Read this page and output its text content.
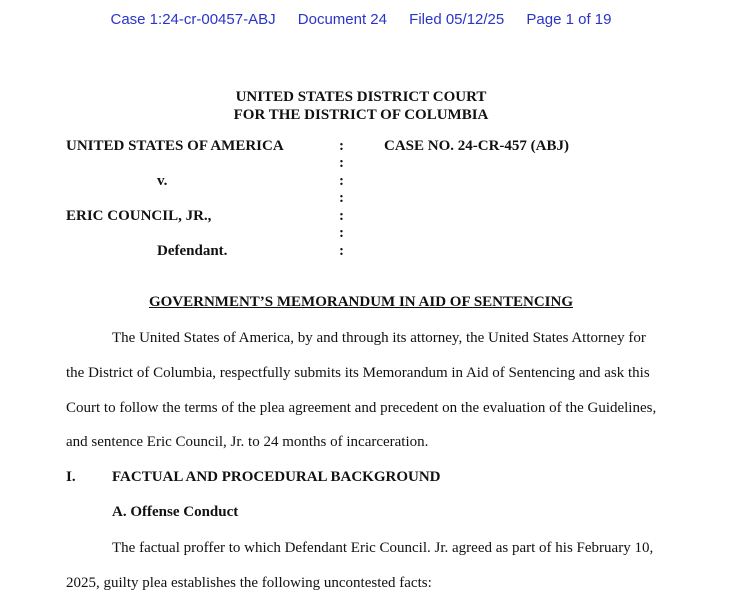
Case 1:24-cr-00457-ABJ Document 24 Filed 05/12/25 Page 1 of 19
UNITED STATES DISTRICT COURT
FOR THE DISTRICT OF COLUMBIA
UNITED STATES OF AMERICA
v.
ERIC COUNCIL, JR.,
Defendant.
:
:
:
:
:
:
:
CASE NO. 24-CR-457 (ABJ)
GOVERNMENT’S MEMORANDUM IN AID OF SENTENCING
The United States of America, by and through its attorney, the United States Attorney for
the District of Columbia, respectfully submits its Memorandum in Aid of Sentencing and ask this
Court to follow the terms of the plea agreement and precedent on the evaluation of the Guidelines,
and sentence Eric Council, Jr. to 24 months of incarceration.
I. FACTUAL AND PROCEDURAL BACKGROUND
A. Offense Conduct
The factual proffer to which Defendant Eric Council. Jr. agreed as part of his February 10,
2025, guilty plea establishes the following uncontested facts:
